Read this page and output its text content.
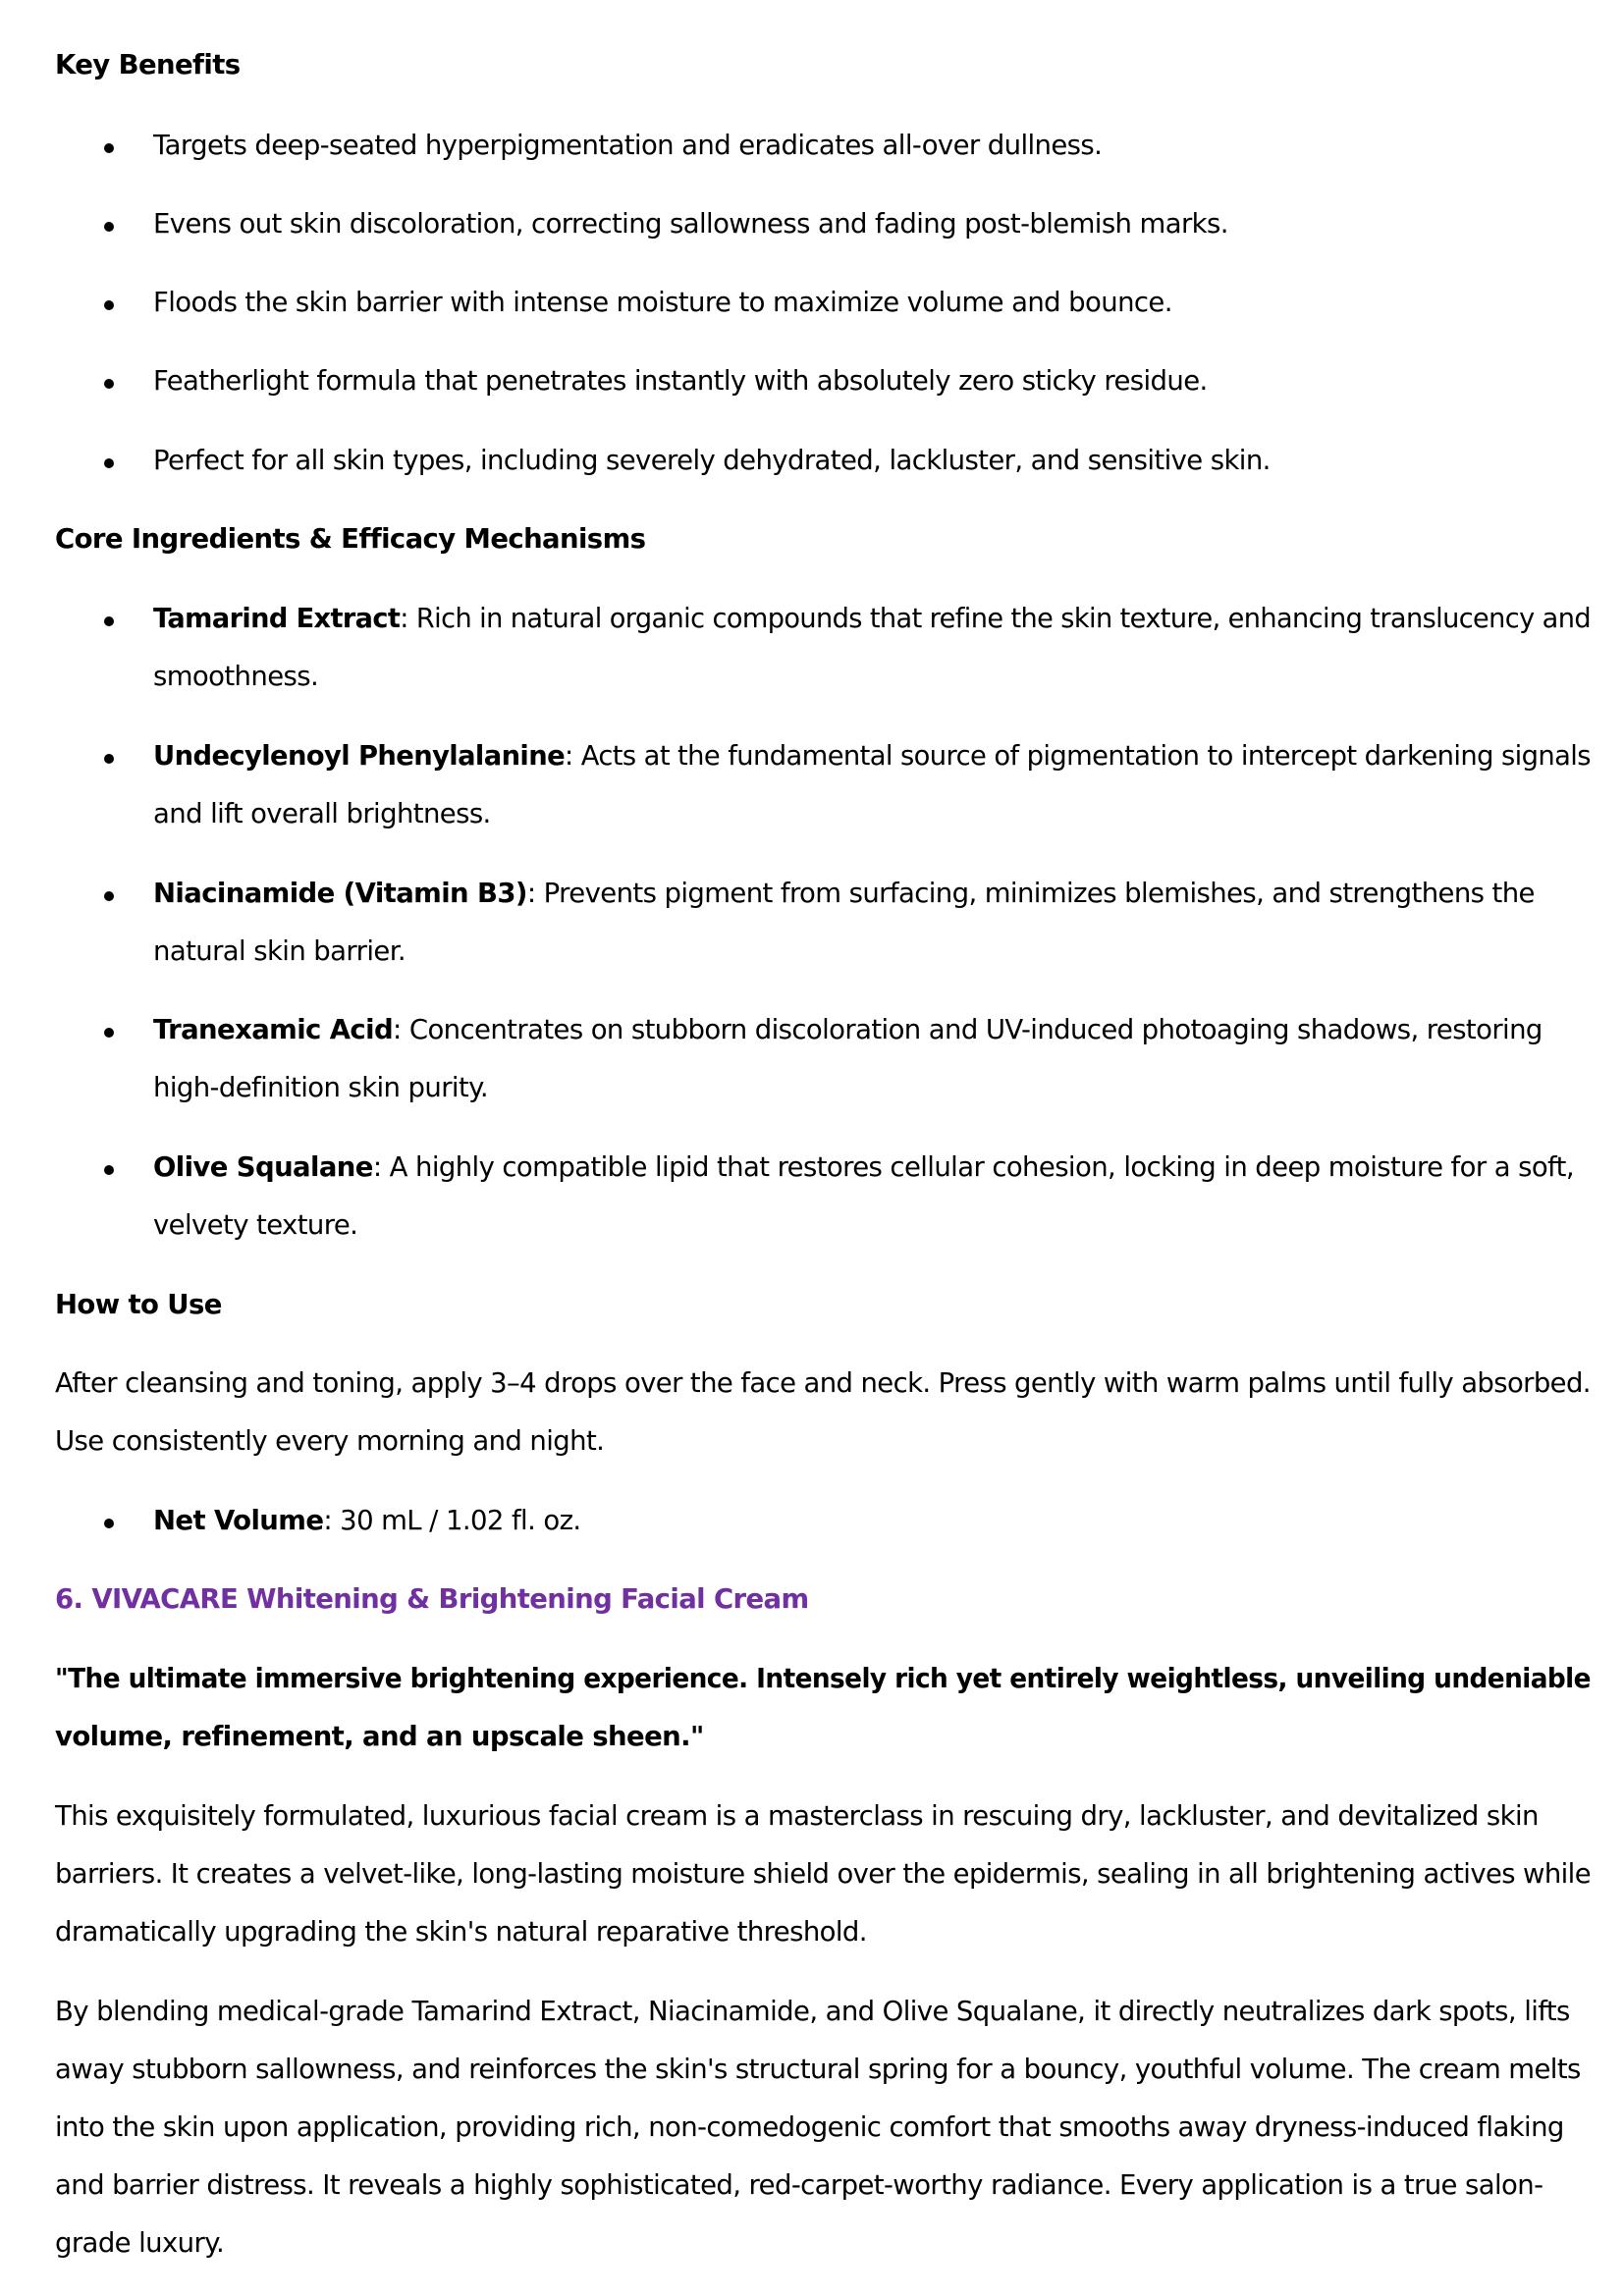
Key Benefits
Targets deep-seated hyperpigmentation and eradicates all-over dullness.
Evens out skin discoloration, correcting sallowness and fading post-blemish marks.
Floods the skin barrier with intense moisture to maximize volume and bounce.
Featherlight formula that penetrates instantly with absolutely zero sticky residue.
Perfect for all skin types, including severely dehydrated, lackluster, and sensitive skin.
Core Ingredients & Efficacy Mechanisms
Tamarind Extract: Rich in natural organic compounds that refine the skin texture, enhancing translucency and
smoothness.
Undecylenoyl Phenylalanine: Acts at the fundamental source of pigmentation to intercept darkening signals
and lift overall brightness.
Niacinamide (Vitamin B3): Prevents pigment from surfacing, minimizes blemishes, and strengthens the
natural skin barrier.
Tranexamic Acid: Concentrates on stubborn discoloration and UV-induced photoaging shadows, restoring
high-definition skin purity.
Olive Squalane: A highly compatible lipid that restores cellular cohesion, locking in deep moisture for a soft,
velvety texture.
How to Use
After cleansing and toning, apply 3–4 drops over the face and neck. Press gently with warm palms until fully absorbed.
Use consistently every morning and night.
Net Volume: 30 mL / 1.02 fl. oz.
6. VIVACARE Whitening & Brightening Facial Cream
"The ultimate immersive brightening experience. Intensely rich yet entirely weightless, unveiling undeniable
volume, refinement, and an upscale sheen."
This exquisitely formulated, luxurious facial cream is a masterclass in rescuing dry, lackluster, and devitalized skin
barriers. It creates a velvet-like, long-lasting moisture shield over the epidermis, sealing in all brightening actives while
dramatically upgrading the skin's natural reparative threshold.
By blending medical-grade Tamarind Extract, Niacinamide, and Olive Squalane, it directly neutralizes dark spots, lifts
away stubborn sallowness, and reinforces the skin's structural spring for a bouncy, youthful volume. The cream melts
into the skin upon application, providing rich, non-comedogenic comfort that smooths away dryness-induced flaking
and barrier distress. It reveals a highly sophisticated, red-carpet-worthy radiance. Every application is a true salon-
grade luxury.
